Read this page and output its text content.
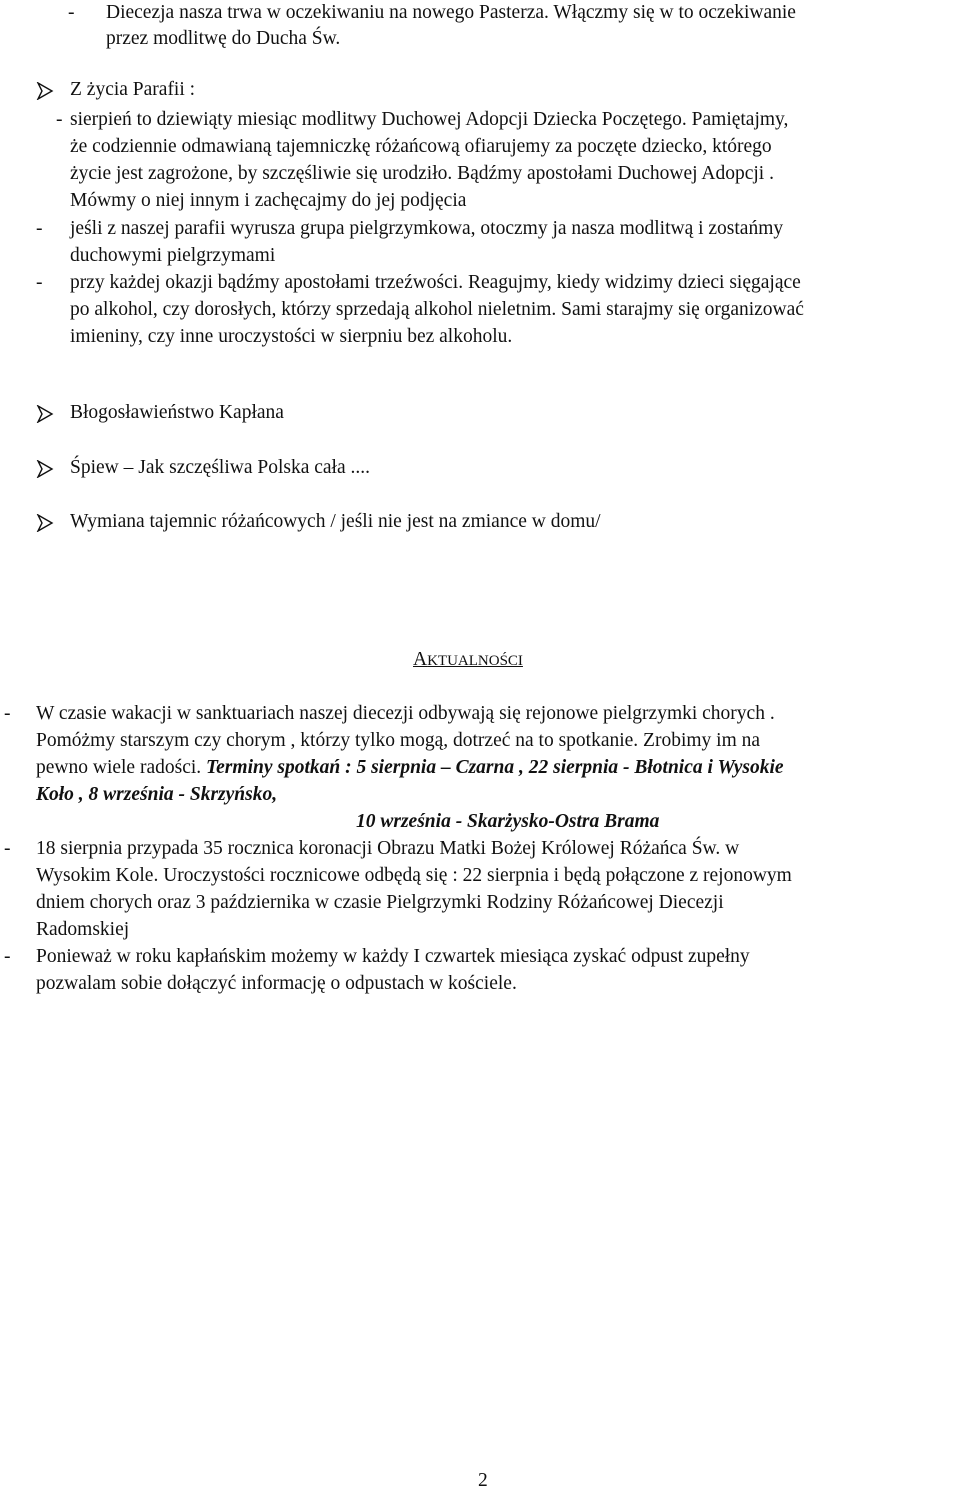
- Diecezja nasza trwa w oczekiwaniu na nowego Pasterza. Włączmy się w to oczekiwanie
przez modlitwę do Ducha Św.
Z życia Parafii :
- sierpień to dziewiąty miesiąc modlitwy Duchowej Adopcji Dziecka Poczętego. Pamiętajmy,
że codziennie odmawianą tajemniczkę różańcową ofiarujemy za poczęte dziecko, którego
życie jest zagrożone, by szczęśliwie się urodziło. Bądźmy apostołami Duchowej Adopcji .
Mówmy o niej innym i zachęcajmy do jej podjęcia
- jeśli z naszej parafii wyrusza grupa pielgrzymkowa, otoczmy ja nasza modlitwą i zostańmy
duchowymi pielgrzymami
- przy każdej okazji bądźmy apostołami trzeźwości. Reagujmy, kiedy widzimy dzieci sięgające
po alkohol, czy dorosłych, którzy sprzedają alkohol nieletnim. Sami starajmy się organizować
imieniny, czy inne uroczystości w sierpniu bez alkoholu.
Błogosławieństwo Kapłana
Śpiew – Jak szczęśliwa Polska cała ....
Wymiana tajemnic różańcowych / jeśli nie jest na zmiance w domu/
AKTUALNOŚCI
- W czasie wakacji w sanktuariach naszej diecezji odbywają się rejonowe pielgrzymki chorych .
Pomóżmy starszym czy chorym , którzy tylko mogą, dotrzeć na to spotkanie. Zrobimy im na
pewno wiele radości. Terminy spotkań : 5 sierpnia – Czarna , 22 sierpnia - Błotnica i Wysokie
Koło , 8 września - Skrzyńsko,
10 września - Skarżysko-Ostra Brama
- 18 sierpnia przypada 35 rocznica koronacji Obrazu Matki Bożej Królowej Różańca Św. w
Wysokim Kole. Uroczystości rocznicowe odbędą się : 22 sierpnia i będą połączone z rejonowym
dniem chorych oraz 3 października w czasie Pielgrzymki Rodziny Różańcowej Diecezji
Radomskiej
- Ponieważ w roku kapłańskim możemy w każdy I czwartek miesiąca zyskać odpust zupełny
pozwalam sobie dołączyć informację o odpustach w kościele.
2
